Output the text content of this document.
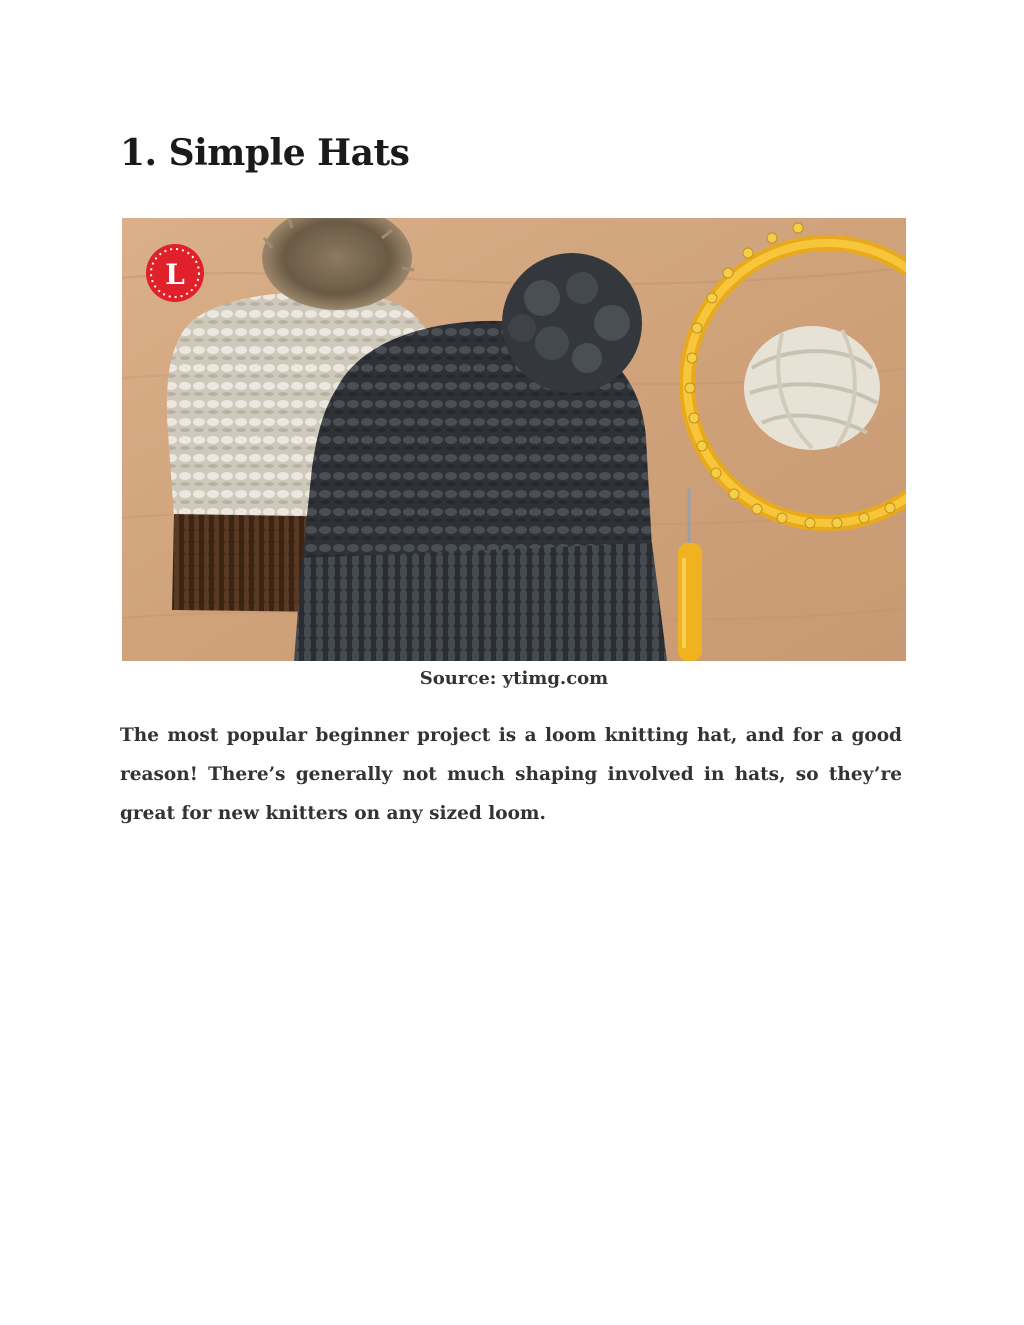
1. Simple Hats
L
Source: ytimg.com

The most popular beginner project is a loom knitting hat, and for a good reason! There’s generally not much shaping involved in hats, so they’re great for new knitters on any sized loom.
